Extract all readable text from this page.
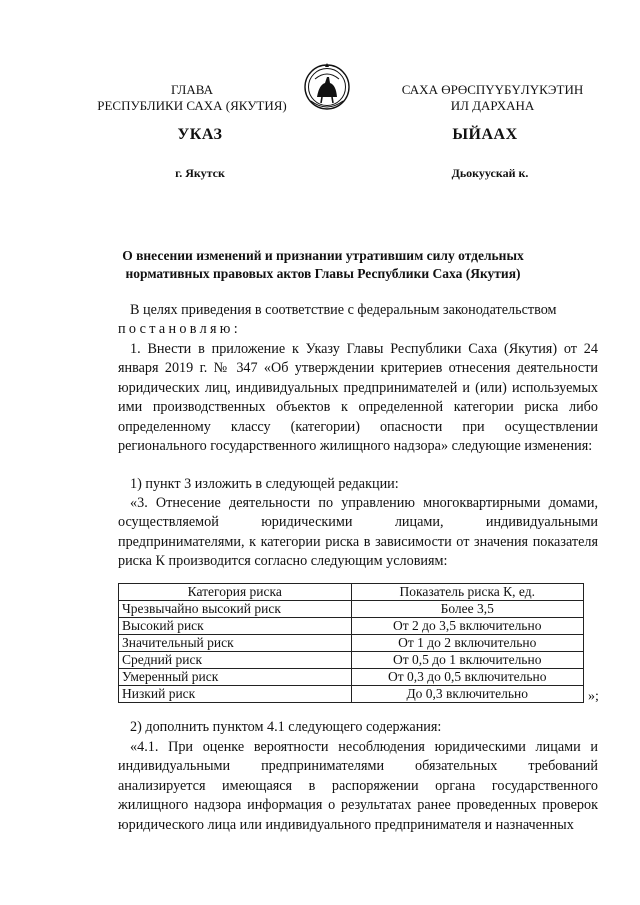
ГЛАВА
РЕСПУБЛИКИ САХА (ЯКУТИЯ)
САХА ӨРӨСПҮҮБҮЛҮКЭТИН
ИЛ ДАРХАНА
УКАЗ	ЫЙААХ
г. Якутск	Дьокуускай к.
О внесении изменений и признании утратившим силу отдельных
нормативных правовых актов Главы Республики Саха (Якутия)
В целях приведения в соответствие с федеральным законодательством
постановляю:
1. Внести в приложение к Указу Главы Республики Саха (Якутия) от 24 января 2019 г. № 347 «Об утверждении критериев отнесения деятельности юридических лиц, индивидуальных предпринимателей и (или) используемых ими производственных объектов к определенной категории риска либо определенному классу (категории) опасности при осуществлении регионального государственного жилищного надзора» следующие изменения:
1) пункт 3 изложить в следующей редакции:
«3. Отнесение деятельности по управлению многоквартирными домами, осуществляемой юридическими лицами, индивидуальными предпринимателями, к категории риска в зависимости от значения показателя риска К производится согласно следующим условиям:
Категория риска	Показатель риска К, ед.
Чрезвычайно высокий риск	Более 3,5
Высокий риск	От 2 до 3,5 включительно
Значительный риск	От 1 до 2 включительно
Средний риск	От 0,5 до 1 включительно
Умеренный риск	От 0,3 до 0,5 включительно
Низкий риск	До 0,3 включительно	»;
2) дополнить пунктом 4.1 следующего содержания:
«4.1. При оценке вероятности несоблюдения юридическими лицами и индивидуальными предпринимателями обязательных требований анализируется имеющаяся в распоряжении органа государственного жилищного надзора информация о результатах ранее проведенных проверок юридического лица или индивидуального предпринимателя и назначенных
